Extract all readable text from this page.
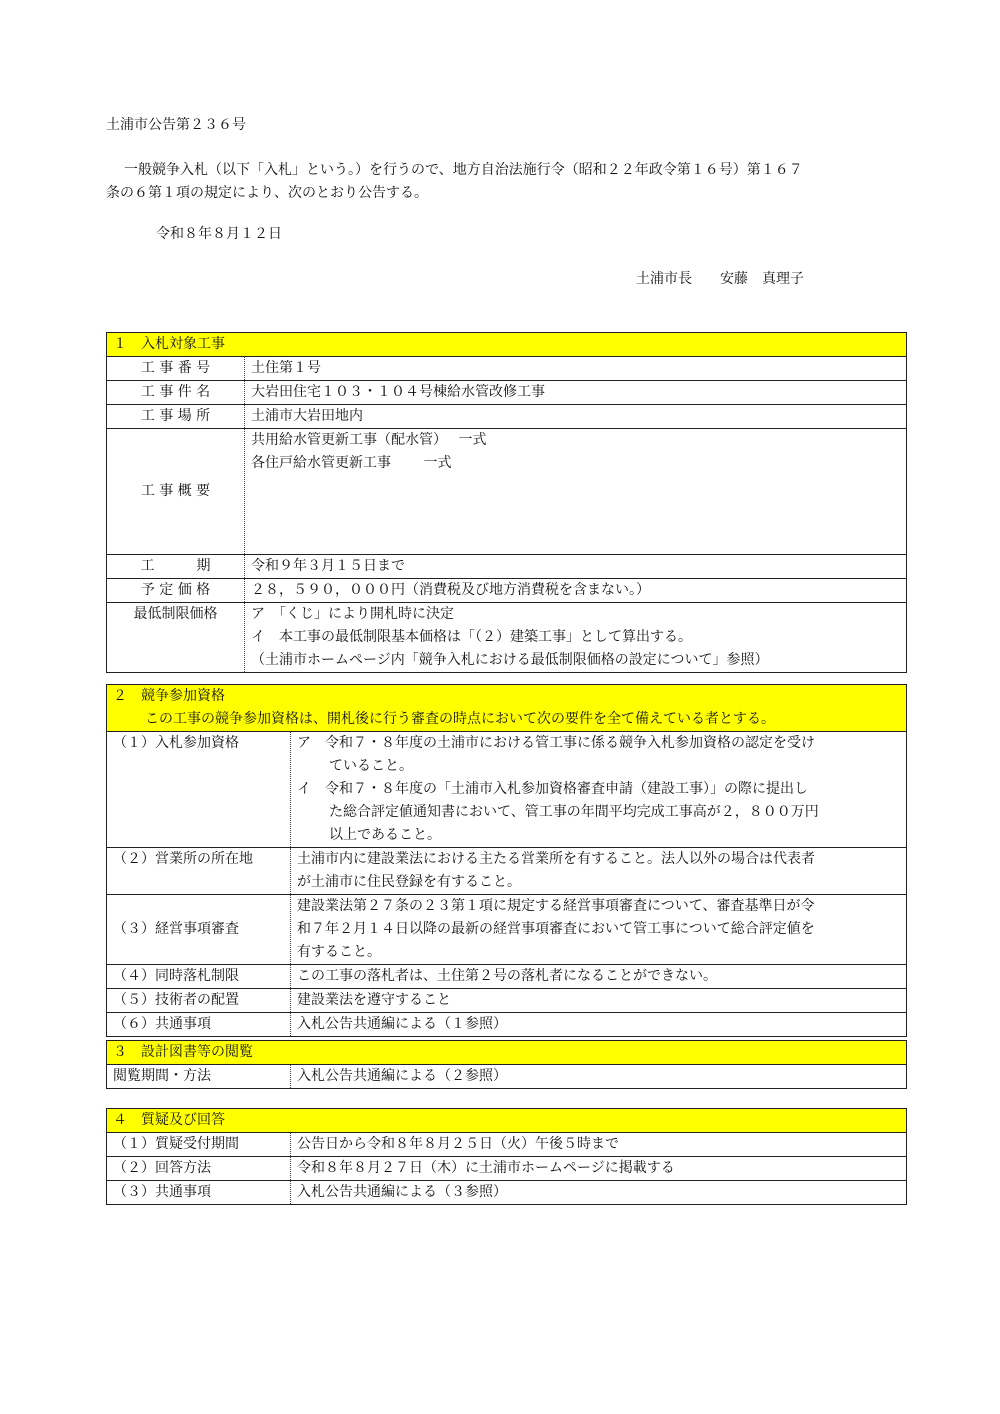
土浦市公告第２３６号
一般競争入札（以下「入札」という。）を行うので、地方自治法施行令（昭和２２年政令第１６号）第１６７
条の６第１項の規定により、次のとおり公告する。
令和８年８月１２日
土浦市長　　安藤　真理子
１　入札対象工事	
工 事 番 号	土住第１号
工 事 件 名	大岩田住宅１０３・１０４号棟給水管改修工事
工 事 場 所	土浦市大岩田地内
工 事 概 要	共用給水管更新工事（配水管）　 一式
各住戸給水管更新工事　　 一式

工　　　期	令和９年３月１５日まで
予 定 価 格	２８，５９０，０００円（消費税及び地方消費税を含まない。）
最低制限価格	ア　「くじ」により開札時に決定
イ　本工事の最低制限基本価格は「（２）建築工事」として算出する。
（土浦市ホームページ内「競争入札における最低制限価格の設定について」参照）
２　競争参加資格
この工事の競争参加資格は、開札後に行う審査の時点において次の要件を全て備えている者とする。	

（１）入札参加資格	ア　令和７・８年度の土浦市における管工事に係る競争入札参加資格の認定を受け
ていること。
イ　令和７・８年度の「土浦市入札参加資格審査申請（建設工事）」の際に提出し
た総合評定値通知書において、管工事の年間平均完成工事高が２，８００万円
以上であること。

（２）営業所の所在地	土浦市内に建設業法における主たる営業所を有すること。法人以外の場合は代表者
が土浦市に住民登録を有すること。

（３）経営事項審査	建設業法第２７条の２３第１項に規定する経営事項審査について、審査基準日が令
和７年２月１４日以降の最新の経営事項審査において管工事について総合評定値を
有すること。

（４）同時落札制限	この工事の落札者は、土住第２号の落札者になることができない。
（５）技術者の配置	建設業法を遵守すること
（６）共通事項	入札公告共通編による（１参照）
３　設計図書等の閲覧
閲覧期間・方法	入札公告共通編による（２参照）
４　質疑及び回答	
（１）質疑受付期間	公告日から令和８年８月２５日（火）午後５時まで
（２）回答方法	令和８年８月２７日（木）に土浦市ホームページに掲載する
（３）共通事項	入札公告共通編による（３参照）
